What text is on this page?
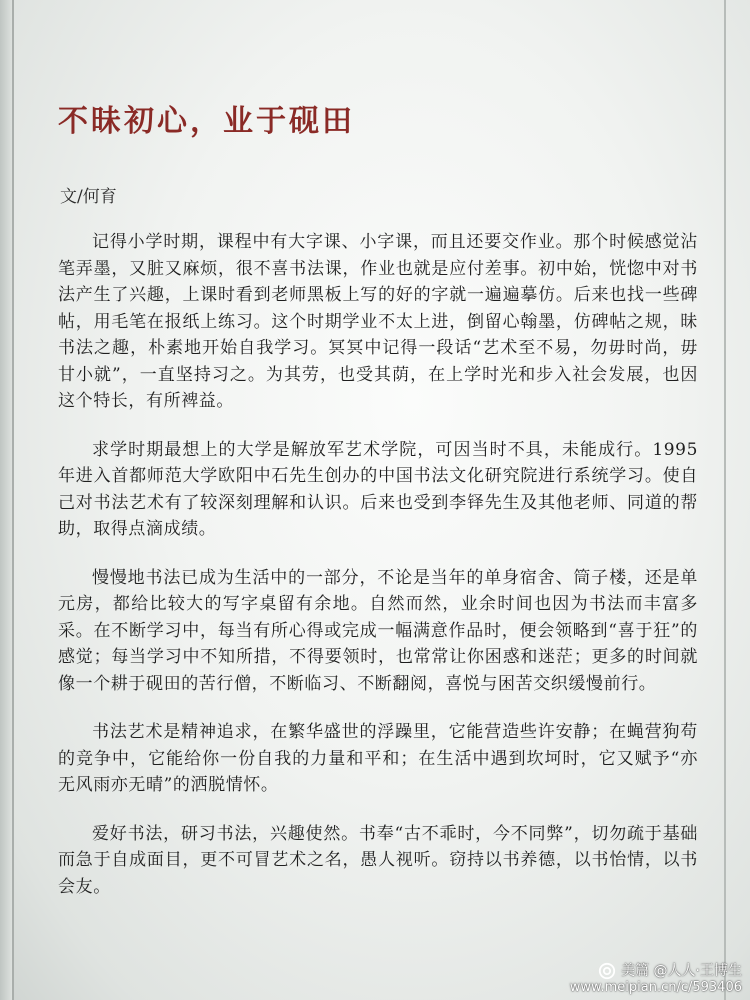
不昧初心，业于砚田
文/何育

记得小学时期，课程中有大字课、小字课，而且还要交作业。那个时候感觉沾笔弄墨，又脏又麻烦，很不喜书法课，作业也就是应付差事。初中始，恍惚中对书法产生了兴趣，上课时看到老师黑板上写的好的字就一遍遍摹仿。后来也找一些碑帖，用毛笔在报纸上练习。这个时期学业不太上进，倒留心翰墨，仿碑帖之规，昧书法之趣，朴素地开始自我学习。冥冥中记得一段话“艺术至不易，勿毋时尚，毋甘小就”，一直坚持习之。为其劳，也受其荫，在上学时光和步入社会发展，也因这个特长，有所裨益。

求学时期最想上的大学是解放军艺术学院，可因当时不具，未能成行。1995年进入首都师范大学欧阳中石先生创办的中国书法文化研究院进行系统学习。使自己对书法艺术有了较深刻理解和认识。后来也受到李铎先生及其他老师、同道的帮助，取得点滴成绩。

慢慢地书法已成为生活中的一部分，不论是当年的单身宿舍、筒子楼，还是单元房，都给比较大的写字桌留有余地。自然而然，业余时间也因为书法而丰富多采。在不断学习中，每当有所心得或完成一幅满意作品时，便会领略到“喜于狂”的感觉；每当学习中不知所措，不得要领时，也常常让你困惑和迷茫；更多的时间就像一个耕于砚田的苦行僧，不断临习、不断翻阅，喜悦与困苦交织缓慢前行。

书法艺术是精神追求，在繁华盛世的浮躁里，它能营造些许安静；在蝇营狗苟的竞争中，它能给你一份自我的力量和平和；在生活中遇到坎坷时，它又赋予“亦无风雨亦无晴”的洒脱情怀。

爱好书法，研习书法，兴趣使然。书奉“古不乖时，今不同弊”，切勿疏于基础而急于自成面目，更不可冒艺术之名，愚人视听。窃持以书养德，以书怡情，以书会友。

美篇 @人人·王博生
www.meipian.cn/c/593406
